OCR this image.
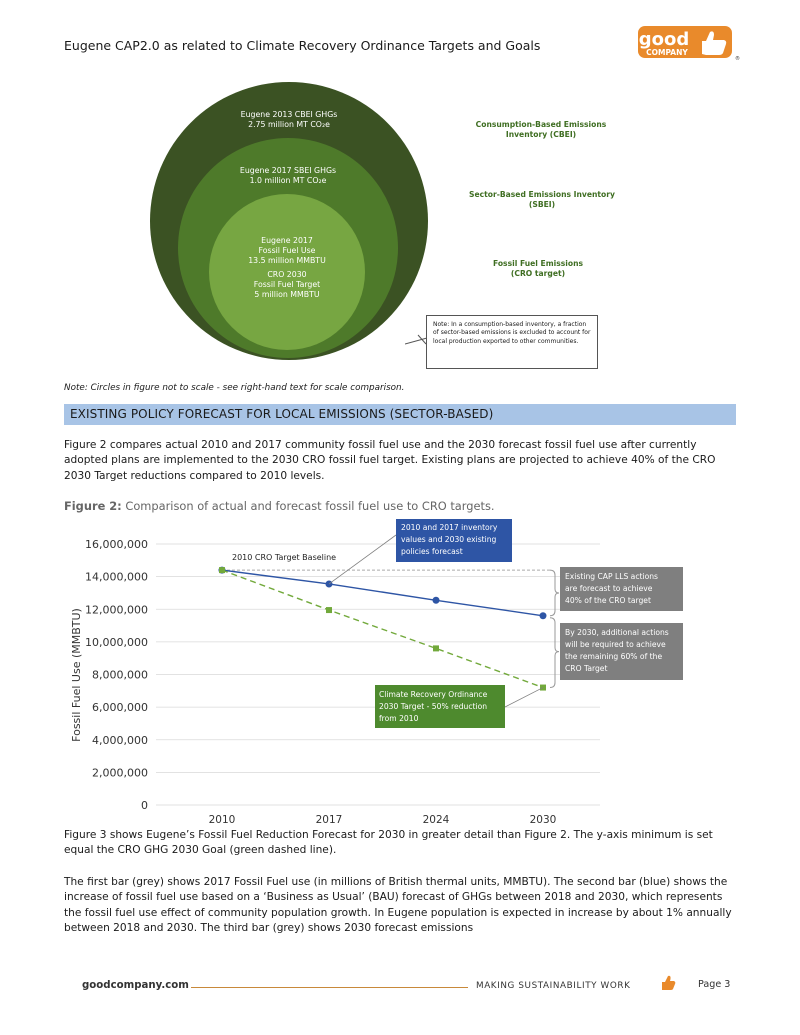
Eugene CAP2.0 as related to Climate Recovery Ordinance Targets and Goals	good
COMPANY
®
Eugene 2013 CBEI GHGs
2.75 million MT CO₂e
Eugene 2017 SBEI GHGs
1.0 million MT CO₂e
Eugene 2017
Fossil Fuel Use
13.5 million MMBTU
CRO 2030
Fossil Fuel Target
5 million MMBTU
Consumption-Based Emissions
Inventory (CBEI)
Sector-Based Emissions Inventory
(SBEI)
Fossil Fuel Emissions
(CRO target)
Note: In a consumption-based inventory, a fraction of sector-based emissions is excluded to account for local production exported to other communities.
Note: Circles in figure not to scale - see right-hand text for scale comparison.
EXISTING POLICY FORECAST FOR LOCAL EMISSIONS (SECTOR-BASED)
Figure 2 compares actual 2010 and 2017 community fossil fuel use and the 2030 forecast fossil fuel use after currently adopted plans are implemented to the 2030 CRO fossil fuel target. Existing plans are projected to achieve 40% of the CRO 2030 Target reductions compared to 2010 levels.
Figure 2: Comparison of actual and forecast fossil fuel use to CRO targets.
0
2,000,000
4,000,000
6,000,000
8,000,000
10,000,000
12,000,000
14,000,000
16,000,000
2010	2017	2024	2030
Fossil Fuel Use (MMBTU)
2010 CRO Target Baseline
2010 and 2017 inventory
values and 2030 existing
policies forecast
Climate Recovery Ordinance
2030 Target - 50% reduction
from 2010
Existing CAP LLS actions
are forecast to achieve
40% of the CRO target
By 2030, additional actions
will be required to achieve
the remaining 60% of the
CRO Target
Figure 3 shows Eugene’s Fossil Fuel Reduction Forecast for 2030 in greater detail than Figure 2. The y-axis minimum is set equal the CRO GHG 2030 Goal (green dashed line).
The first bar (grey) shows 2017 Fossil Fuel use (in millions of British thermal units, MMBTU). The second bar (blue) shows the increase of fossil fuel use based on a ‘Business as Usual’ (BAU) forecast of GHGs between 2018 and 2030, which represents the fossil fuel use effect of community population growth. In Eugene population is expected in increase by about 1% annually between 2018 and 2030. The third bar (grey) shows 2030 forecast emissions
goodcompany.com	MAKING SUSTAINABILITY WORK	Page 3
